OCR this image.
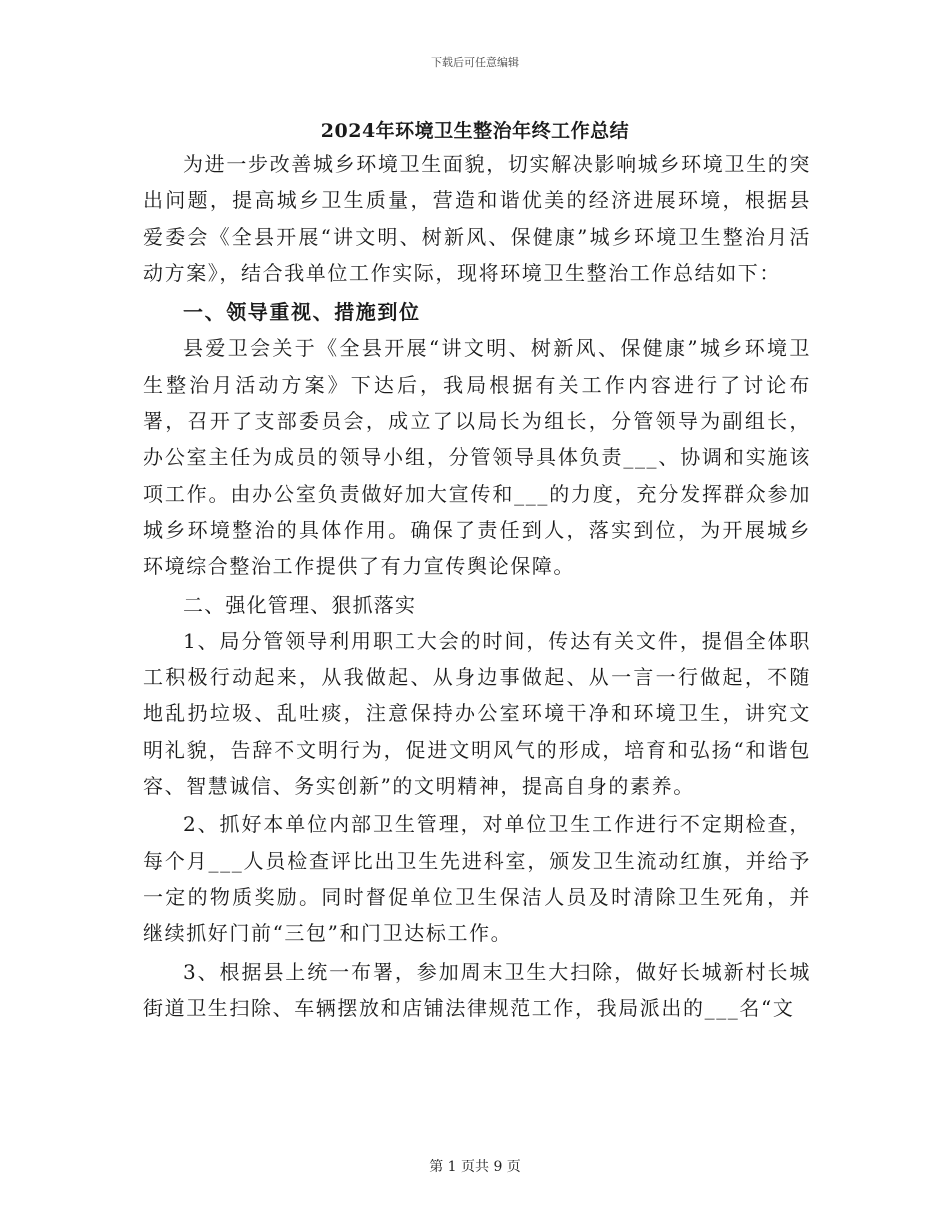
下载后可任意编辑
2024年环境卫生整治年终工作总结

为进一步改善城乡环境卫生面貌，切实解决影响城乡环境卫生的突出问题，提高城乡卫生质量，营造和谐优美的经济进展环境，根据县爱委会《全县开展“讲文明、树新风、保健康”城乡环境卫生整治月活动方案》，结合我单位工作实际，现将环境卫生整治工作总结如下：

一、领导重视、措施到位

县爱卫会关于《全县开展“讲文明、树新风、保健康”城乡环境卫生整治月活动方案》下达后，我局根据有关工作内容进行了讨论布署，召开了支部委员会，成立了以局长为组长，分管领导为副组长，办公室主任为成员的领导小组，分管领导具体负责___、协调和实施该项工作。由办公室负责做好加大宣传和___的力度，充分发挥群众参加城乡环境整治的具体作用。确保了责任到人，落实到位，为开展城乡环境综合整治工作提供了有力宣传舆论保障。

二、强化管理、狠抓落实

1、局分管领导利用职工大会的时间，传达有关文件，提倡全体职工积极行动起来，从我做起、从身边事做起、从一言一行做起，不随地乱扔垃圾、乱吐痰，注意保持办公室环境干净和环境卫生，讲究文明礼貌，告辞不文明行为，促进文明风气的形成，培育和弘扬“和谐包容、智慧诚信、务实创新”的文明精神，提高自身的素养。

2、抓好本单位内部卫生管理，对单位卫生工作进行不定期检查，每个月___人员检查评比出卫生先进科室，颁发卫生流动红旗，并给予一定的物质奖励。同时督促单位卫生保洁人员及时清除卫生死角，并继续抓好门前“三包”和门卫达标工作。

3、根据县上统一布署，参加周末卫生大扫除，做好长城新村长城街道卫生扫除、车辆摆放和店铺法律规范工作，我局派出的___名“文

第 1 页共 9 页
